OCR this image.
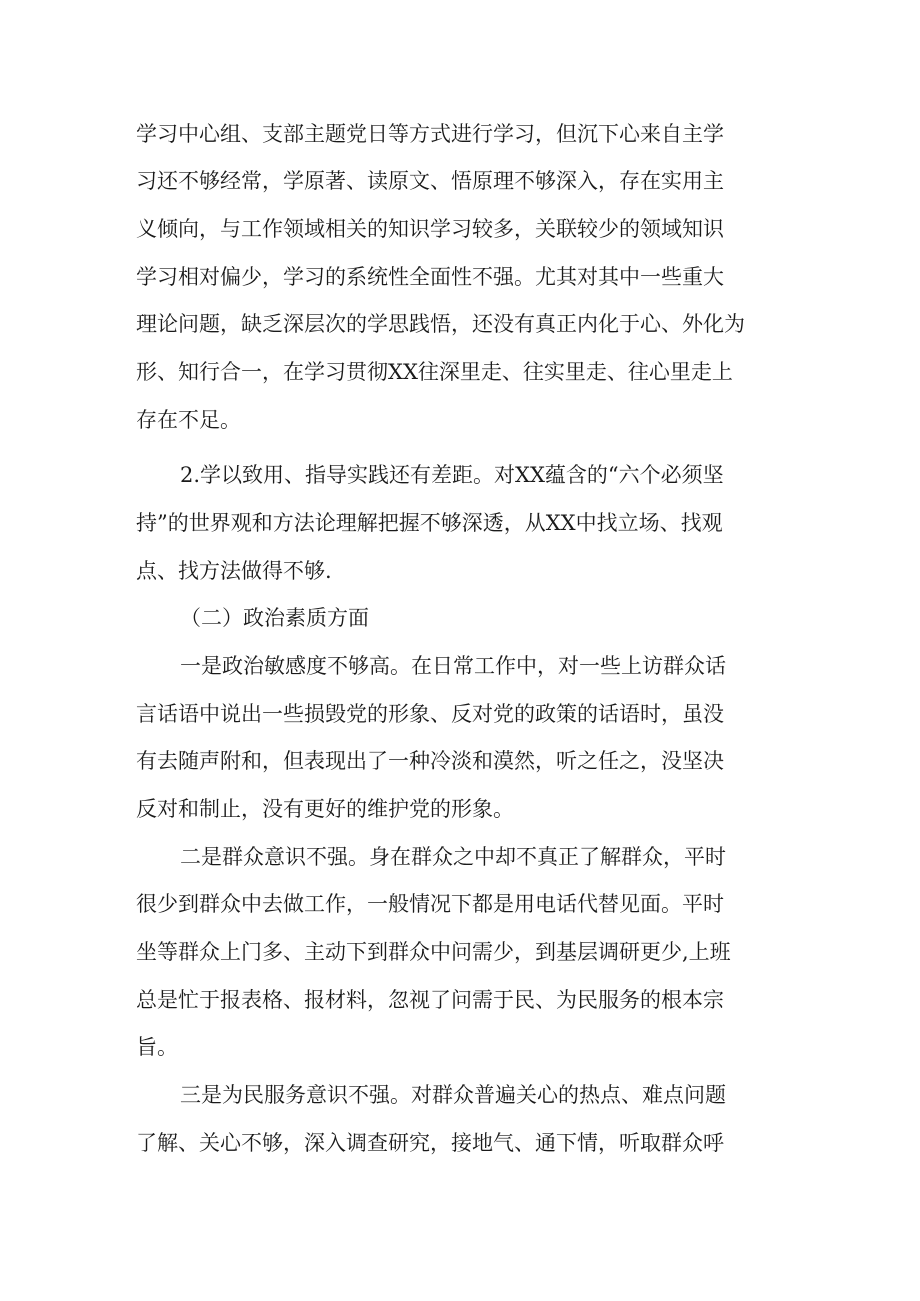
学习中心组、支部主题党日等方式进行学习，但沉下心来自主学

习还不够经常，学原著、读原文、悟原理不够深入，存在实用主

义倾向，与工作领域相关的知识学习较多，关联较少的领域知识

学习相对偏少，学习的系统性全面性不强。尤其对其中一些重大

理论问题，缺乏深层次的学思践悟，还没有真正内化于心、外化为

形、知行合一，在学习贯彻XX往深里走、往实里走、往心里走上

存在不足。

2.学以致用、指导实践还有差距。对XX蕴含的“六个必须坚

持”的世界观和方法论理解把握不够深透，从XX中找立场、找观

点、找方法做得不够.

（二）政治素质方面

一是政治敏感度不够高。在日常工作中，对一些上访群众话

言话语中说出一些损毁党的形象、反对党的政策的话语时，虽没

有去随声附和，但表现出了一种冷淡和漠然，听之任之，没坚决

反对和制止，没有更好的维护党的形象。

二是群众意识不强。身在群众之中却不真正了解群众，平时

很少到群众中去做工作，一般情况下都是用电话代替见面。平时

坐等群众上门多、主动下到群众中问需少，到基层调研更少,上班

总是忙于报表格、报材料，忽视了问需于民、为民服务的根本宗

旨。

三是为民服务意识不强。对群众普遍关心的热点、难点问题

了解、关心不够，深入调查研究，接地气、通下情，听取群众呼
